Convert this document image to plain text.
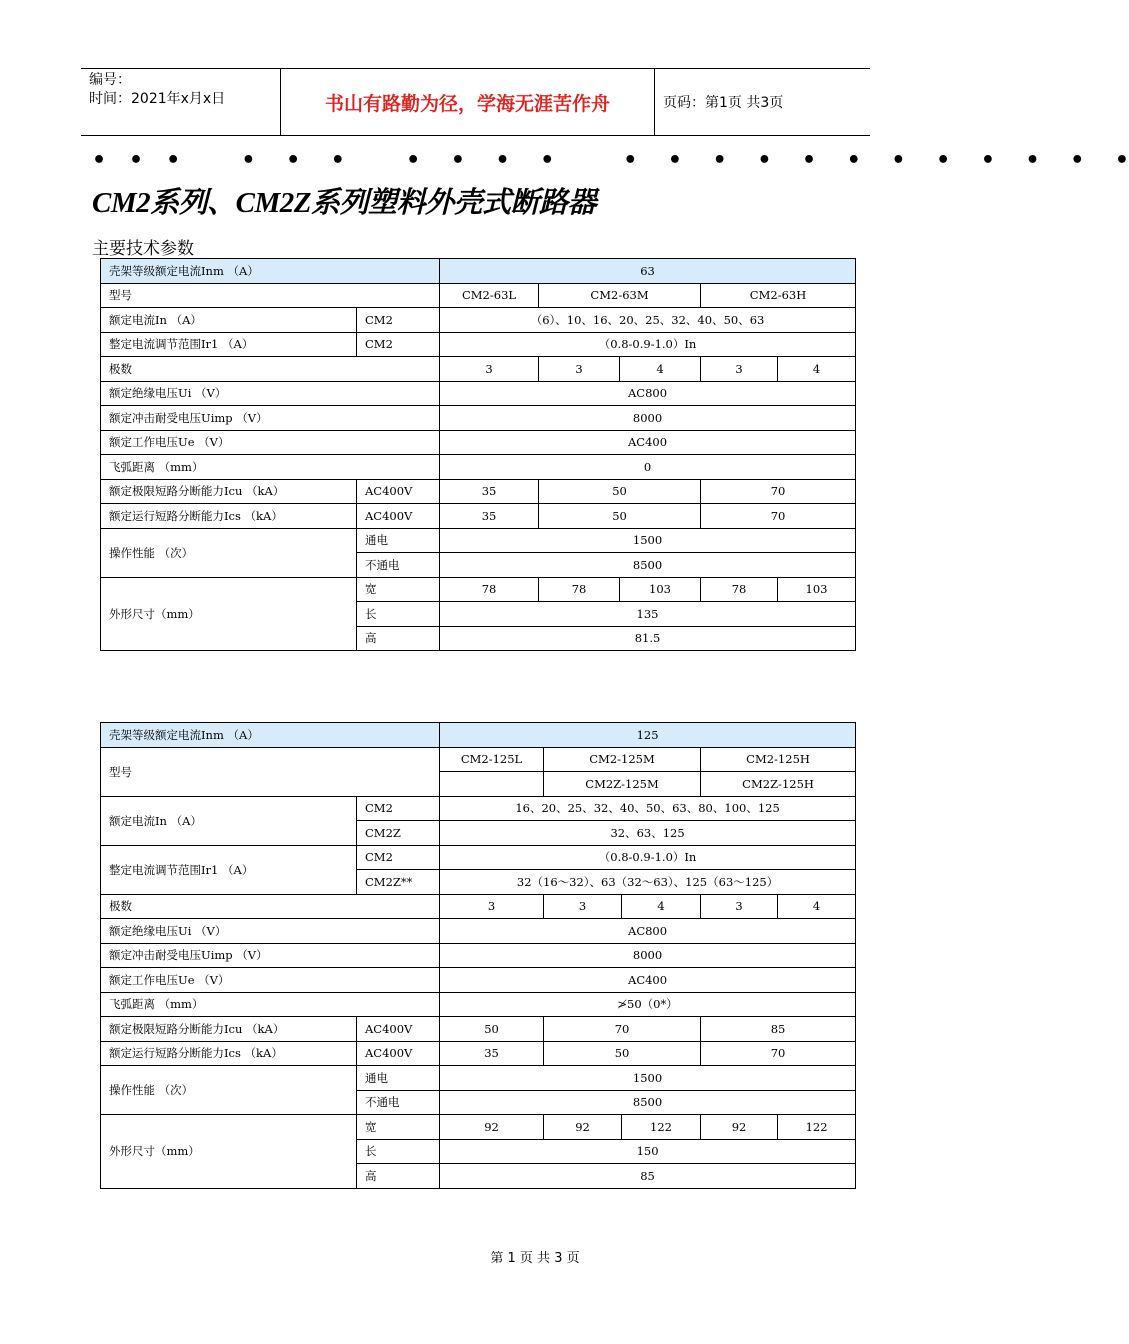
编号：
时间：2021年x月x日	书山有路勤为径，学海无涯苦作舟	页码：第1页 共3页
•   •   •        •    •    •        •    •    •    •         •    •    •    •    •    •    •    •    •    •    •    •
CM2系列、CM2Z系列塑料外壳式断路器
主要技术参数
壳架等级额定电流Inm （A）		63				
型号		CM2-63L	CM2-63M		CM2-63H	
额定电流In （A）	CM2	（6）、10、16、20、25、32、40、50、63				
整定电流调节范围Ir1 （A）	CM2	（0.8-0.9-1.0）In				
极数		3	3	4	3	4
额定绝缘电压Ui （V）		AC800				
额定冲击耐受电压Uimp （V）		8000				
额定工作电压Ue （V）		AC400				
飞弧距离 （mm）		0				
额定极限短路分断能力Icu （kA）	AC400V	35	50		70	
额定运行短路分断能力Ics （kA）	AC400V	35	50		70	
操作性能 （次）	通电	1500				
	不通电	8500				
外形尺寸（mm）	宽	78	78	103	78	103
	长	135				
	高	81.5				
壳架等级额定电流Inm （A）		125				
型号		CM2-125L	CM2-125M		CM2-125H	
			CM2Z-125M		CM2Z-125H	
额定电流In （A）	CM2	16、20、25、32、40、50、63、80、100、125				
	CM2Z	32、63、125				
整定电流调节范围Ir1 （A）	CM2	（0.8-0.9-1.0）In				
	CM2Z**	32（16～32）、63（32～63）、125（63～125）				
极数		3	3	4	3	4
额定绝缘电压Ui （V）		AC800				
额定冲击耐受电压Uimp （V）		8000				
额定工作电压Ue （V）		AC400				
飞弧距离 （mm）		≯50（0*）				
额定极限短路分断能力Icu （kA）	AC400V	50	70		85	
额定运行短路分断能力Ics （kA）	AC400V	35	50		70	
操作性能 （次）	通电	1500				
	不通电	8500				
外形尺寸（mm）	宽	92	92	122	92	122
	长	150				
	高	85				
第 1 页 共 3 页
